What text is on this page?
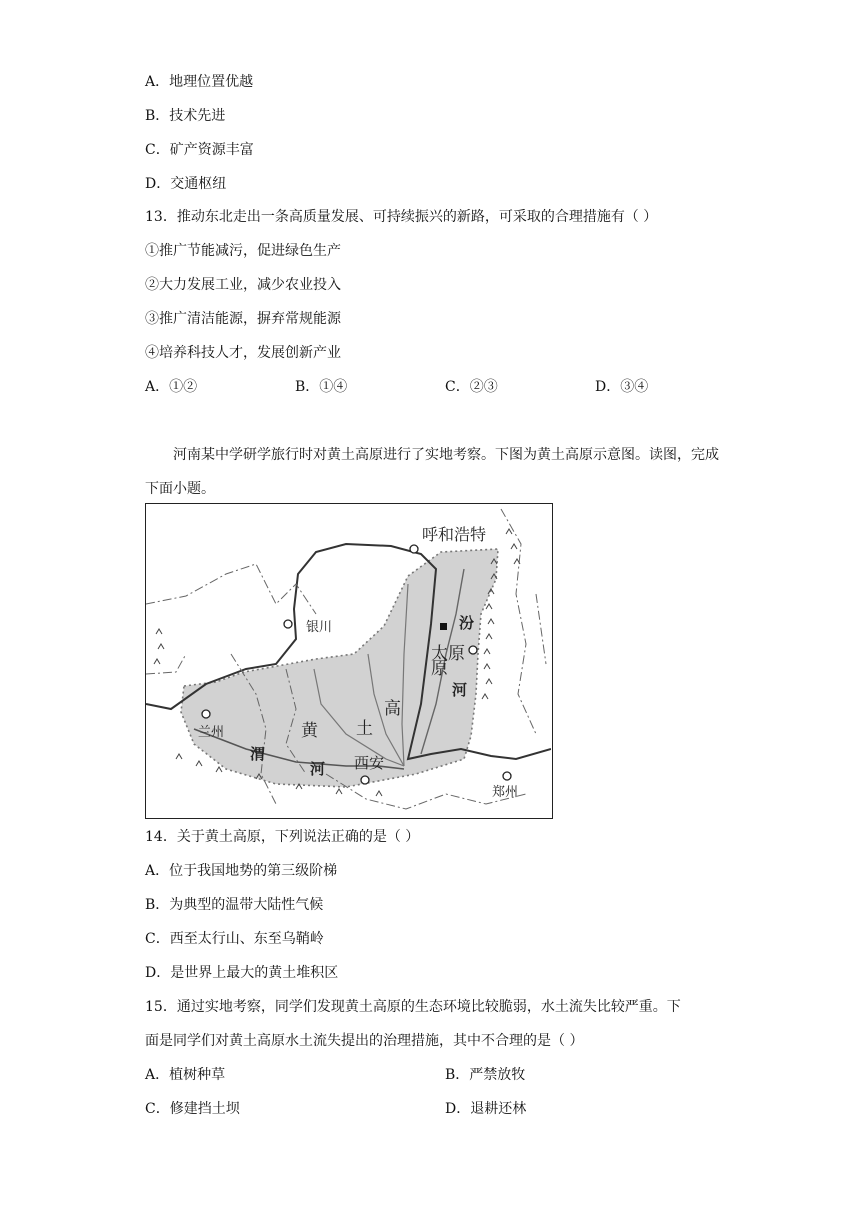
A．地理位置优越
B．技术先进
C．矿产资源丰富
D．交通枢纽
13．推动东北走出一条高质量发展、可持续振兴的新路，可采取的合理措施有（ ）
①推广节能减污，促进绿色生产
②大力发展工业，减少农业投入
③推广清洁能源，摒弃常规能源
④培养科技人才，发展创新产业
A．①②	B．①④	C．②③	D．③④
河南某中学研学旅行时对黄土高原进行了实地考察。下图为黄土高原示意图。读图，完成下面小题。
呼和浩特
银川	汾
太原
河
原
高
土
黄
兰州
渭
河 西安
郑州
14．关于黄土高原，下列说法正确的是（ ）
A．位于我国地势的第三级阶梯
B．为典型的温带大陆性气候
C．西至太行山、东至乌鞘岭
D．是世界上最大的黄土堆积区
15．通过实地考察，同学们发现黄土高原的生态环境比较脆弱，水土流失比较严重。下
面是同学们对黄土高原水土流失提出的治理措施，其中不合理的是（ ）
A．植树种草	B．严禁放牧
C．修建挡土坝	D．退耕还林
